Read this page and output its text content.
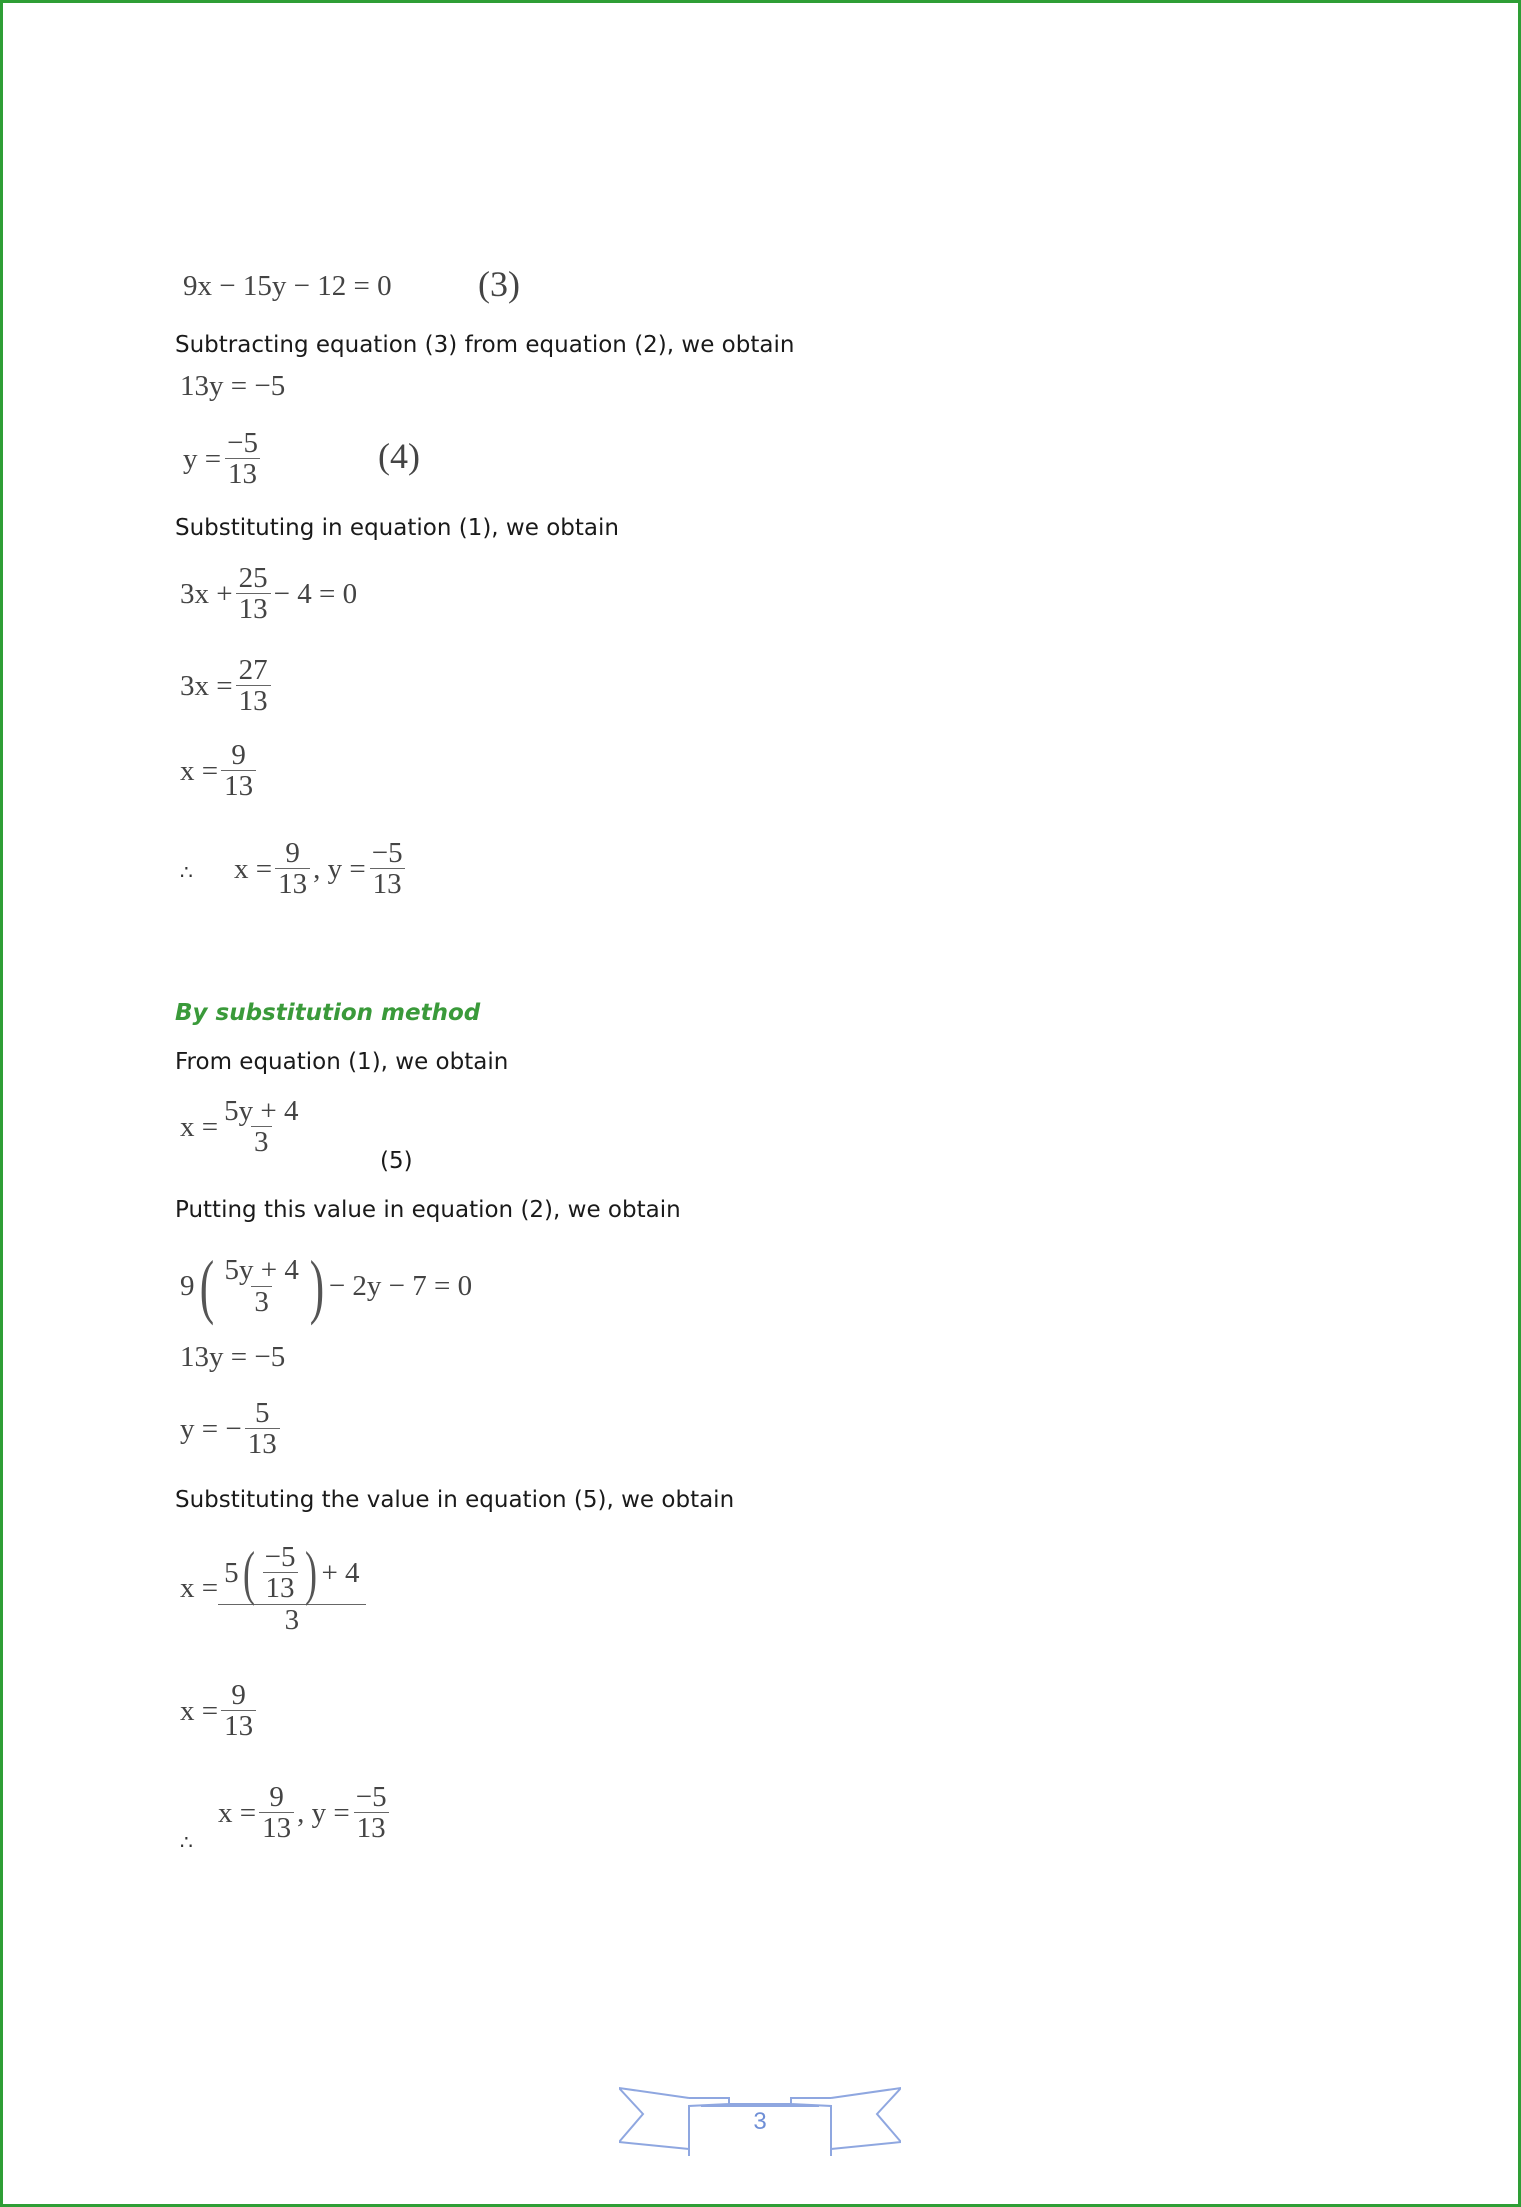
9x − 15y − 12 = 0 (3)
Subtracting equation (3) from equation (2), we obtain
13y = −5
$y = \frac{-5}{13}$	(4)
Substituting in equation (1), we obtain
$3x + \frac{25}{13} - 4 = 0$
$3x = \frac{27}{13}$
$x = \frac{9}{13}$
∴ $x = \frac{9}{13}$ , $y = \frac{-5}{13}$
By substitution method
From equation (1), we obtain
$x = \frac{5y + 4}{3}$
(5)
Putting this value in equation (2), we obtain
9 ( $\frac{5y + 4}{3}$ ) − 2y − 7 = 0
13y = −5
y = − $\frac{5}{13}$
Substituting the value in equation (5), we obtain
$x = \frac{5 ( \frac{-5}{13} ) + 4}{3}$
$x = \frac{9}{13}$
∴
$x = \frac{9}{13}$ , $y = \frac{-5}{13}$
3
